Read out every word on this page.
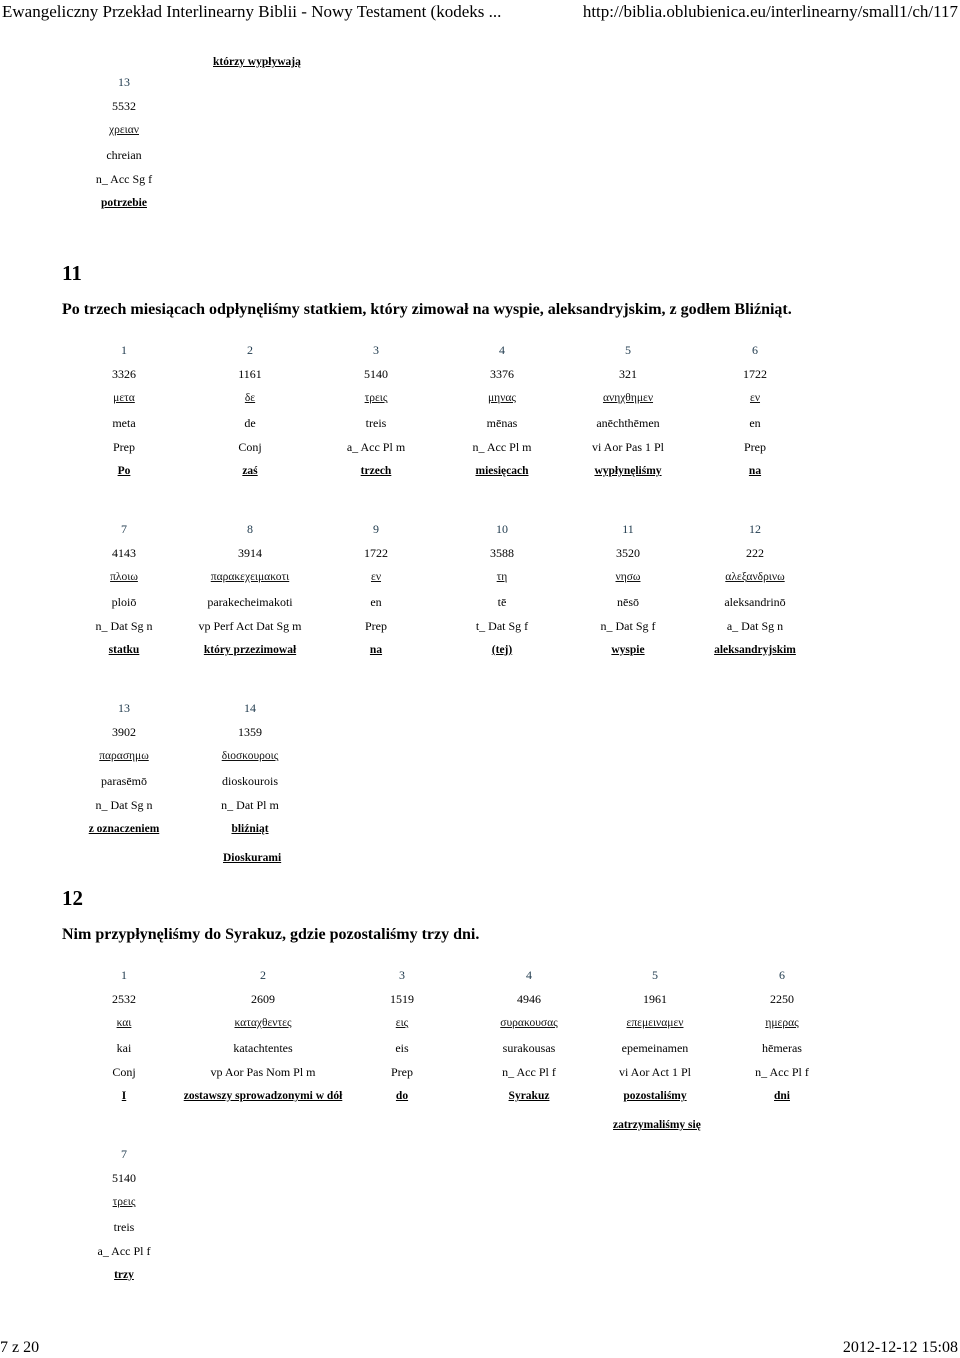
Ewangeliczny Przekład Interlinearny Biblii - Nowy Testament (kodeks ...	http://biblia.oblubienica.eu/interlinearny/small1/ch/117
którzy wypływają
13
5532
χρειαν
chreian
n_ Acc Sg f
potrzebie
11
Po trzech miesiącach odpłynęliśmy statkiem, który zimował na wyspie, aleksandryjskim, z godłem Bliźniąt.
1	2	3	4	5	6
3326	1161	5140	3376	321	1722
μετα	δε	τρεις	μηνας	ανηχθημεν	εν
meta	de	treis	mēnas	anēchthēmen	en
Prep	Conj	a_ Acc Pl m	n_ Acc Pl m	vi Aor Pas 1 Pl	Prep
Po	zaś	trzech	miesięcach	wypłynęliśmy	na
7	8	9	10	11	12
4143	3914	1722	3588	3520	222
πλοιω	παρακεχειμακοτι	εν	τη	νησω	αλεξανδρινω
ploiō	parakecheimakoti	en	tē	nēsō	aleksandrinō
n_ Dat Sg n	vp Perf Act Dat Sg m	Prep	t_ Dat Sg f	n_ Dat Sg f	a_ Dat Sg n
statku	który przezimował	na	(tej)	wyspie	aleksandryjskim
13	14
3902	1359
παρασημω	διοσκουροις
parasēmō	dioskourois
n_ Dat Sg n	n_ Dat Pl m
z oznaczeniem	bliźniąt
Dioskurami
12
Nim przypłynęliśmy do Syrakuz, gdzie pozostaliśmy trzy dni.
1	2	3	4	5	6
2532	2609	1519	4946	1961	2250
και	καταχθεντες	εις	συρακουσας	επεμειναμεν	ημερας
kai	katachtentes	eis	surakousas	epemeinamen	hēmeras
Conj	vp Aor Pas Nom Pl m	Prep	n_ Acc Pl f	vi Aor Act 1 Pl	n_ Acc Pl f
I	zostawszy sprowadzonymi w dół	do	Syrakuz	pozostaliśmy	dni
zatrzymaliśmy się
7
5140
τρεις
treis
a_ Acc Pl f
trzy
7 z 20	2012-12-12 15:08
